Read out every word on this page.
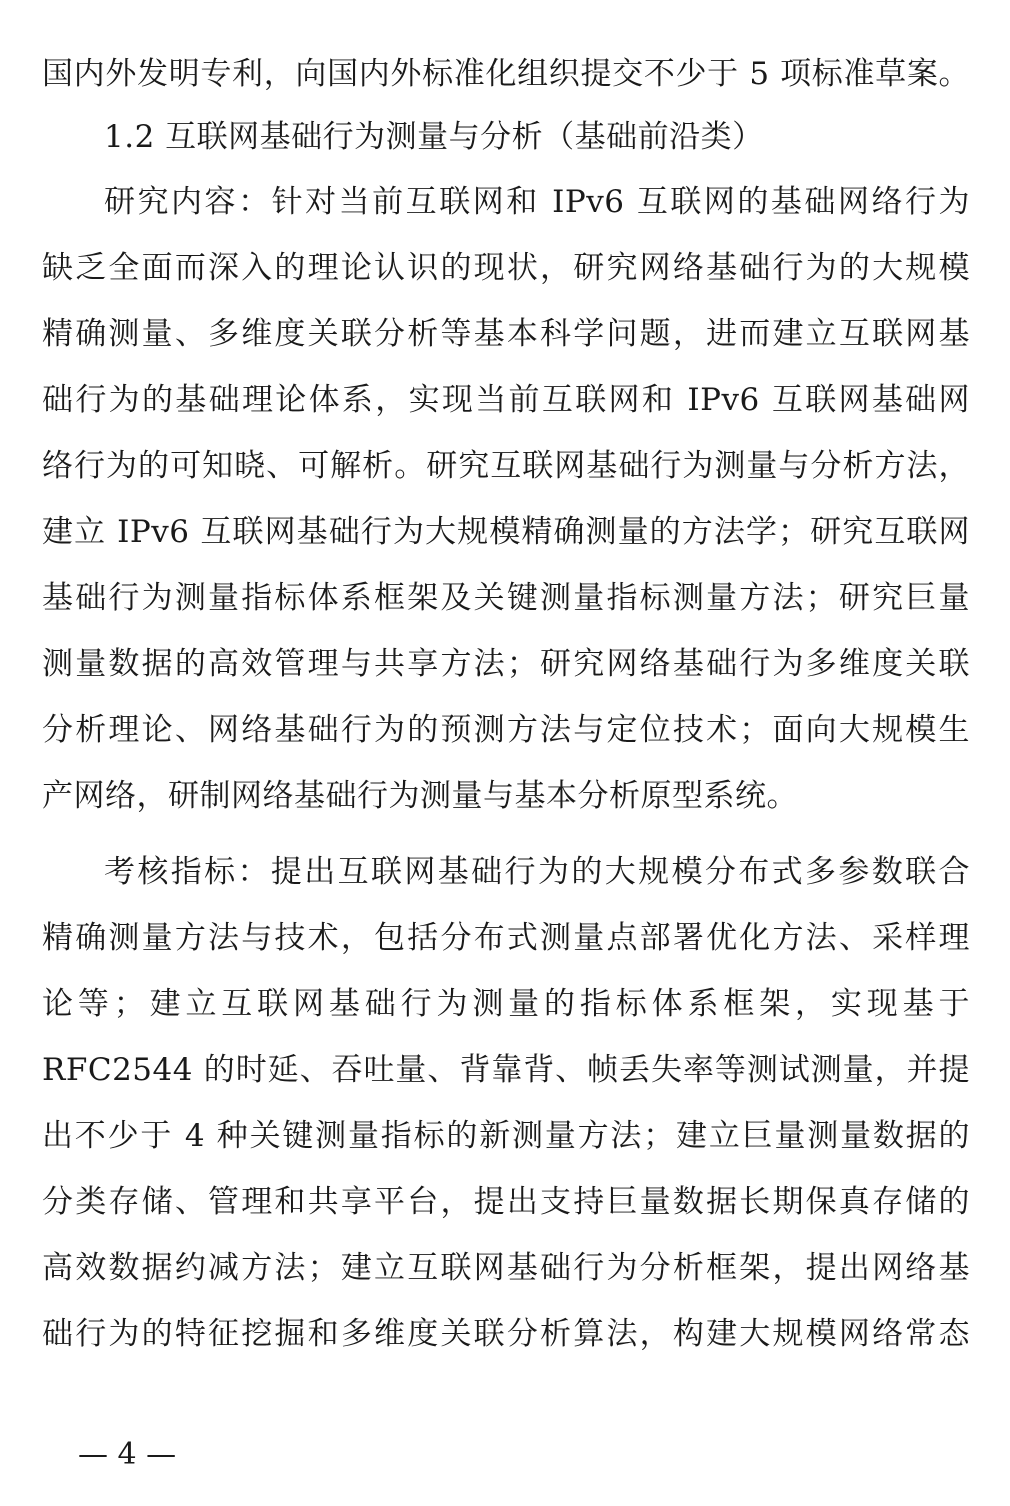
国内外发明专利，向国内外标准化组织提交不少于 5 项标准草案。
1.2 互联网基础行为测量与分析（基础前沿类）
研究内容：针对当前互联网和 IPv6 互联网的基础网络行为
缺乏全面而深入的理论认识的现状，研究网络基础行为的大规模
精确测量、多维度关联分析等基本科学问题，进而建立互联网基
础行为的基础理论体系，实现当前互联网和 IPv6 互联网基础网
络行为的可知晓、可解析。研究互联网基础行为测量与分析方法，
建立 IPv6 互联网基础行为大规模精确测量的方法学；研究互联网
基础行为测量指标体系框架及关键测量指标测量方法；研究巨量
测量数据的高效管理与共享方法；研究网络基础行为多维度关联
分析理论、网络基础行为的预测方法与定位技术；面向大规模生
产网络，研制网络基础行为测量与基本分析原型系统。
考核指标：提出互联网基础行为的大规模分布式多参数联合
精确测量方法与技术，包括分布式测量点部署优化方法、采样理
论等；建立互联网基础行为测量的指标体系框架，实现基于
RFC2544 的时延、吞吐量、背靠背、帧丢失率等测试测量，并提
出不少于 4 种关键测量指标的新测量方法；建立巨量测量数据的
分类存储、管理和共享平台，提出支持巨量数据长期保真存储的
高效数据约减方法；建立互联网基础行为分析框架，提出网络基
础行为的特征挖掘和多维度关联分析算法，构建大规模网络常态
— 4 —
